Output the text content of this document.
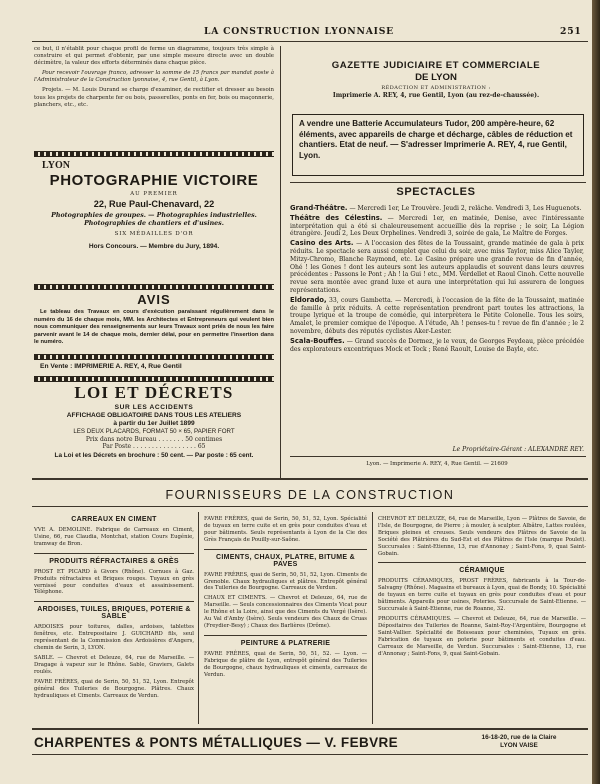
LA CONSTRUCTION LYONNAISE	251

ce but, il n'établit pour chaque profil de ferme un diagramme, toujours très simple à construire et qui permet d'obtenir, par une simple mesure directe avec un double décimètre, la valeur des efforts déterminés dans chaque pièce.

Pour recevoir l'ouvrage franco, adresser la somme de 15 francs par mandat poste à l'Administrateur de la Construction lyonnaise, 4, rue Gentil, à Lyon.

Projets. — M. Louis Durand se charge d'examiner, de rectifier et dresser au besoin tous les projets de charpente fer ou bois, passerelles, ponts en fer, bois ou maçonnerie, planchers, etc., etc.

LYON
PHOTOGRAPHIE VICTOIRE
AU PREMIER
22, Rue Paul-Chenavard, 22
Photographies de groupes. — Photographies industrielles.
Photographies de chantiers et d'usines.
SIX MÉDAILLES D'OR
Hors Concours. — Membre du Jury, 1894.
AVIS

Le tableau des Travaux en cours d'exécution paraissant régulièrement dans le numéro du 16 de chaque mois, MM. les Architectes et Entrepreneurs qui veulent bien nous communiquer des renseignements sur leurs Travaux sont priés de nous les faire parvenir avant le 14 de chaque mois, dernier délai, pour en permettre l'insertion dans le numéro.

En Vente : IMPRIMERIE A. REY, 4, Rue Gentil
LOI ET DÉCRETS
SUR LES ACCIDENTS
AFFICHAGE OBLIGATOIRE DANS TOUS LES ATELIERS
à partir du 1er Juillet 1899
LES DEUX PLACARDS, FORMAT 50 × 65, PAPIER FORT
Prix dans notre Bureau . . . . . . . 50 centimes
Par Poste . . . . . . . . . . . . . . . . . 65
La Loi et les Décrets en brochure : 50 cent. — Par poste : 65 cent.
GAZETTE JUDICIAIRE ET COMMERCIALE
DE LYON
RÉDACTION ET ADMINISTRATION :
Imprimerie A. REY, 4, rue Gentil, Lyon (au rez-de-chaussée).

A vendre une Batterie Accumulateurs Tudor, 200 ampère-heure, 62 éléments, avec appareils de charge et décharge, câbles de réduction et chantiers. Etat de neuf. — S'adresser Imprimerie A. REY, 4, rue Gentil, Lyon.

SPECTACLES

Grand-Théâtre. — Mercredi 1er, Le Trouvère. Jeudi 2, relâche. Vendredi 3, Les Huguenots.

Théâtre des Célestins. — Mercredi 1er, en matinée, Denise, avec l'intéressante interprétation qui a été si chaleureusement accueillie dès la reprise ; le soir, La Légion étrangère. Jeudi 2, Les Deux Orphelines. Vendredi 3, soirée de gala, Le Maître de Forges.

Casino des Arts. — A l'occasion des fêtes de la Toussaint, grande matinée de gala à prix réduits. Le spectacle sera aussi complet que celui du soir, avec miss Taylor, miss Alice Tayler, Mitzy-Chromo, Blanche Raymond, etc. Le Casino prépare une grande revue de fin d'année, Ohé ! les Gones ! dont les auteurs sont les auteurs applaudis et souvent dans leurs œuvres précédentes : Passons le Pont ; Ah ! la Gui ! etc., MM. Verdellet et Raoul Cinoh. Cette nouvelle revue sera montée avec grand luxe et aura une interprétation qui lui assurera de longues représentations.

Eldorado, 33, cours Gambetta. — Mercredi, à l'occasion de la fête de la Toussaint, matinée de famille à prix réduits. A cette représentation prendront part toutes les attractions, la troupe lyrique et la troupe de comédie, qui interprètera le Petite Colonelle. Tous les soirs, Amalet, le premier comique de l'époque. A l'étude, Ah ! penses-tu ! revue de fin d'année ; le 2 novembre, débuts des réputés cyclistes Aker-Lester.

Scala-Bouffes. — Grand succès de Dormez, je le veux, de Georges Feydeau, pièce précédée des explorateurs excentriques Mock et Tock ; René Raoult, Louise de Bayle, etc.

Le Propriétaire-Gérant : ALEXANDRE REY.
Lyon. — Imprimerie A. REY, 4, Rue Gentil. — 21609
FOURNISSEURS DE LA CONSTRUCTION
CARREAUX EN CIMENT

VVE A. DEMOLINE. Fabrique de Carreaux en Ciment, Usine, 66, rue Claudia, Montchat, station Cours Eugénie, tramway de Bron.

PRODUITS RÉFRACTAIRES & GRÈS

PROST ET PICARD à Givors (Rhône). Cornues à Gaz. Produits réfractaires et Briques rouges. Tuyaux en grès vernissé pour conduites d'eaux et assainissement. Téléphone.

ARDOISES, TUILES, BRIQUES, POTERIE & SABLE

ARDOISES pour toitures, dalles, ardoises, tablettes fenêtres, etc. Entrepositaire J. GUICHARD fils, seul représentant de la Commission des Ardoisières d'Angers, chemin de Serin, 3, LYON.

SABLE. — Chevrot et Deleuze, 64, rue de Marseille. — Dragage à vapeur sur le Rhône. Sable, Graviers, Galets roulés.

FAVRE FRÈRES, quai de Serin, 50, 51, 52, Lyon. Entrepôt général des Tuileries de Bourgogne. Plâtres. Chaux hydrauliques et Ciments. Carreaux de Verdun.

FAVRE FRÈRES, quai de Serin, 50, 51, 52, Lyon. Spécialité de tuyaux en terre cuite et en grès pour conduites d'eau et pour bâtiments. Seuls représentants à Lyon de la Cie des Grès Français de Pouilly-sur-Saône.

CIMENTS, CHAUX, PLATRE, BITUME & PAVES

FAVRE FRÈRES, quai de Serin, 50, 51, 52, Lyon. Ciments de Grenoble. Chaux hydrauliques et plâtres. Entrepôt général des Tuileries de Bourgogne. Carreaux de Verdun.

CHAUX ET CIMENTS. — Chevrot et Deleuze, 64, rue de Marseille. — Seuls concessionnaires des Ciments Vicat pour le Rhône et la Loire, ainsi que des Ciments du Vergé (Isère). Au Val d'Amby (Isère). Seuls vendeurs des Chaux de Cruas (Freydier-Besy) ; Chaux des Barlières (Drôme).

PEINTURE & PLATRERIE

FAVRE FRÈRES, quai de Serin, 50, 51, 52. — Lyon. — Fabrique de plâtre de Lyon, entrepôt général des Tuileries de Bourgogne, chaux hydrauliques et ciments, carreaux de Verdun.

CHEVROT ET DELEUZE, 64, rue de Marseille, Lyon — Plâtres de Savoie, de l'Isle, de Bourgogne, de Pierre ; à mouler, à sculpter. Albâtre, Lattes roulées, Briques pleines et creuses. Seuls vendeurs des Plâtres de Savoie de la Société des Plâtrières du Sud-Est et des Plâtres de l'Isle (marque Poulet). Succursales : Saint-Etienne, 13, rue d'Annonay ; Saint-Fons, 9, quai Saint-Gobain.

CÉRAMIQUE

PRODUITS CÉRAMIQUES, PROST FRÈRES, fabricants à la Tour-de-Salvagny (Rhône). Magasins et bureaux à Lyon, quai de Bondy, 10. Spécialité de tuyaux en terre cuite et tuyaux en grès pour conduites d'eau et pour bâtiments. Appareils pour usines, Poteries. Succursale de Saint-Etienne. — Succursale à Saint-Etienne, rue de Roanne, 32.

PRODUITS CÉRAMIQUES. — Chevrot et Deleuze, 64, rue de Marseille. — Dépositaires des Tuileries de Roanne, Saint-Roy-l'Argentière, Bourgogne et Saint-Vallier. Spécialité de Boisseaux pour cheminées, Tuyaux en grès. Fabrication de tuyaux en poterie pour bâtiments et conduites d'eau. Carreaux de Marseille, de Verdun. Succursales : Saint-Etienne, 13, rue d'Annonay ; Saint-Fons, 9, quai Saint-Gobain.

CHARPENTES & PONTS MÉTALLIQUES — V. FEBVRE	16-18-20, rue de la Claire
LYON VAISE
